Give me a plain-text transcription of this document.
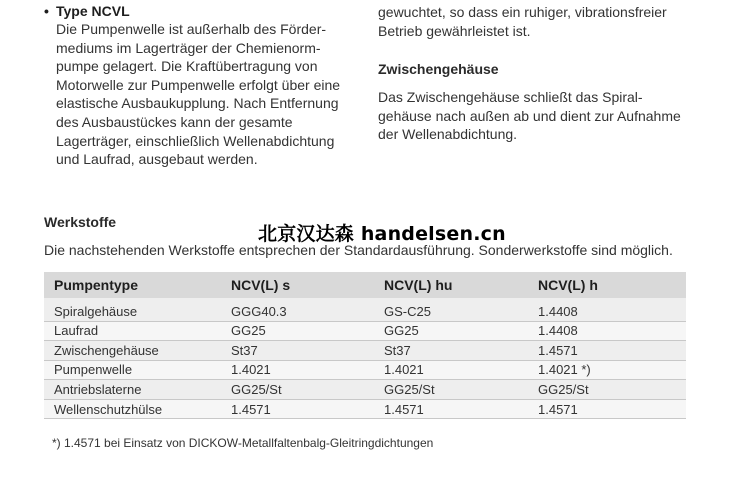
• Type NCVL
Die Pumpenwelle ist außerhalb des Förder-
mediums im Lagerträger der Chemienorm-
pumpe gelagert. Die Kraftübertragung von
Motorwelle zur Pumpenwelle erfolgt über eine
elastische Ausbaukupplung. Nach Entfernung
des Ausbaustückes kann der gesamte
Lagerträger, einschließlich Wellenabdichtung
und Laufrad, ausgebaut werden.
gewuchtet, so dass ein ruhiger, vibrationsfreier
Betrieb gewährleistet ist.
Zwischengehäuse
Das Zwischengehäuse schließt das Spiral-
gehäuse nach außen ab und dient zur Aufnahme
der Wellenabdichtung.
Werkstoffe
北京汉达森 handelsen.cn
Die nachstehenden Werkstoffe entsprechen der Standardausführung. Sonderwerkstoffe sind möglich.
Pumpentype	NCV(L) s	NCV(L) hu	NCV(L) h
Spiralgehäuse	GGG40.3	GS-C25	1.4408
Laufrad	GG25	GG25	1.4408
Zwischengehäuse	St37	St37	1.4571
Pumpenwelle	1.4021	1.4021	1.4021 *)
Antriebslaterne	GG25/St	GG25/St	GG25/St
Wellenschutzhülse	1.4571	1.4571	1.4571
*) 1.4571 bei Einsatz von DICKOW-Metallfaltenbalg-Gleitringdichtungen
